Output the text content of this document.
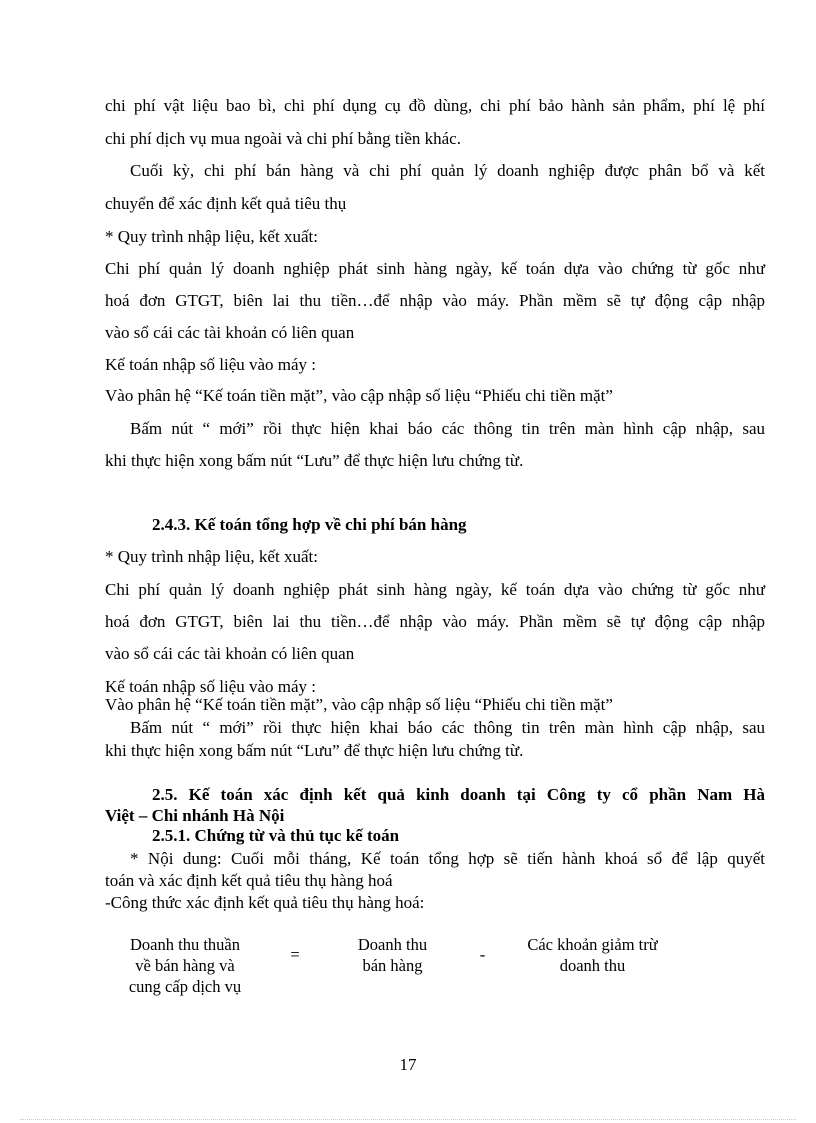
chi phí vật liệu bao bì, chi phí dụng cụ đồ dùng, chi phí bảo hành sản phẩm, phí lệ phí
chi phí dịch vụ mua ngoài và chi phí bằng tiền khác.
Cuối kỳ, chi phí bán hàng và chi phí quản lý doanh nghiệp được phân bổ và kết
chuyển để xác định kết quả tiêu thụ
* Quy trình nhập liệu, kết xuất:
Chi phí quản lý doanh nghiệp phát sinh hàng ngày, kế toán dựa vào chứng từ gốc như
hoá đơn GTGT, biên lai thu tiền…để nhập vào máy. Phần mềm sẽ tự động cập nhập
vào sổ cái các tài khoản có liên quan
Kế toán nhập số liệu vào máy :
Vào phân hệ “Kế toán tiền mặt”, vào cập nhập số liệu “Phiếu chi tiền mặt”
Bấm nút “ mới” rồi thực hiện khai báo các thông tin trên màn hình cập nhập, sau
khi thực hiện xong bấm nút “Lưu” để thực hiện lưu chứng từ.
2.4.3. Kế toán tổng hợp về chi phí bán hàng
* Quy trình nhập liệu, kết xuất:
Chi phí quản lý doanh nghiệp phát sinh hàng ngày, kế toán dựa vào chứng từ gốc như
hoá đơn GTGT, biên lai thu tiền…để nhập vào máy. Phần mềm sẽ tự động cập nhập
vào sổ cái các tài khoản có liên quan
Kế toán nhập số liệu vào máy :
Vào phân hệ “Kế toán tiền mặt”, vào cập nhập số liệu “Phiếu chi tiền mặt”
Bấm nút “ mới” rồi thực hiện khai báo các thông tin trên màn hình cập nhập, sau
khi thực hiện xong bấm nút “Lưu” để thực hiện lưu chứng từ.
2.5. Kế toán xác định kết quả kinh doanh tại Công ty cổ phần Nam Hà
Việt – Chi nhánh Hà Nội
2.5.1. Chứng từ và thủ tục kế toán
* Nội dung: Cuối mỗi tháng, Kế toán tổng hợp sẽ tiến hành khoá sổ để lập quyết
toán và xác định kết quả tiêu thụ hàng hoá
-Công thức xác định kết quả tiêu thụ hàng hoá:
Doanh thu thuần
về bán hàng và
cung cấp dịch vụ
=
Doanh thu
bán hàng
-
Các khoản giảm trừ
doanh thu
17
